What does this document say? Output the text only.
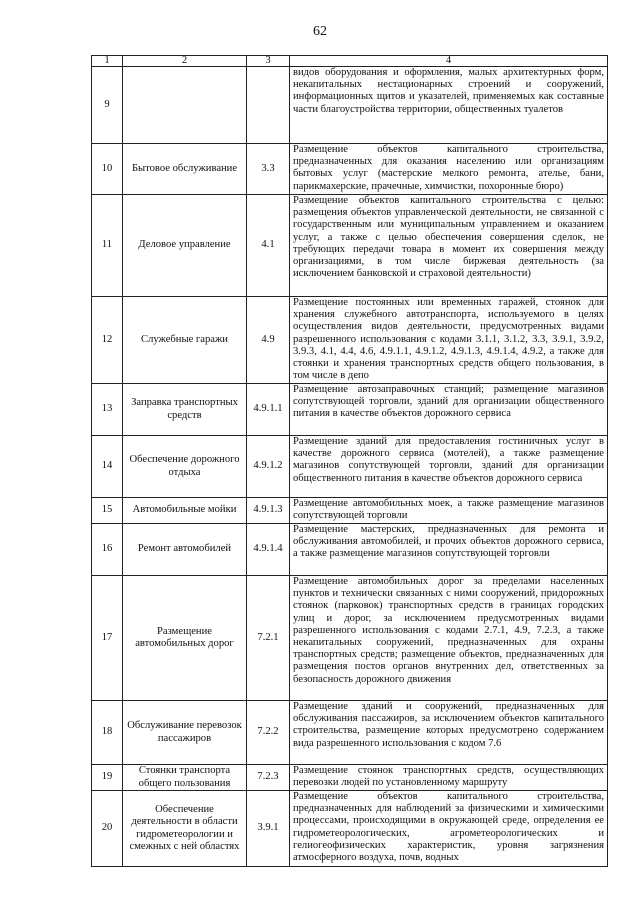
62
1	2	3	4
9			видов оборудования и оформления, малых архитектурных форм, некапитальных нестационарных строений и сооружений, информационных щитов и указателей, применяемых как составные части благоустройства территории, общественных туалетов
10	Бытовое обслуживание	3.3	Размещение объектов капитального строительства, предназначенных для оказания населению или организациям бытовых услуг (мастерские мелкого ремонта, ателье, бани, парикмахерские, прачечные, химчистки, похоронные бюро)
11	Деловое управление	4.1	Размещение объектов капитального строительства с целью: размещения объектов управленческой деятельности, не связанной с государственным или муниципальным управлением и оказанием услуг, а также с целью обеспечения совершения сделок, не требующих передачи товара в момент их совершения между организациями, в том числе биржевая деятельность (за исключением банковской и страховой деятельности)
12	Служебные гаражи	4.9	Размещение постоянных или временных гаражей, стоянок для хранения служебного автотранспорта, используемого в целях осуществления видов деятельности, предусмотренных видами разрешенного использования с кодами 3.1.1, 3.1.2, 3.3, 3.9.1, 3.9.2, 3.9.3, 4.1, 4.4, 4.6, 4.9.1.1, 4.9.1.2, 4.9.1.3, 4.9.1.4, 4.9.2, а также для стоянки и хранения транспортных средств общего пользования, в том числе в депо
13	Заправка транспортных средств	4.9.1.1	Размещение автозаправочных станций; размещение магазинов сопутствующей торговли, зданий для организации общественного питания в качестве объектов дорожного сервиса
14	Обеспечение дорожного отдыха	4.9.1.2	Размещение зданий для предоставления гостиничных услуг в качестве дорожного сервиса (мотелей), а также размещение магазинов сопутствующей торговли, зданий для организации общественного питания в качестве объектов дорожного сервиса
15	Автомобильные мойки	4.9.1.3	Размещение автомобильных моек, а также размещение магазинов сопутствующей торговли
16	Ремонт автомобилей	4.9.1.4	Размещение мастерских, предназначенных для ремонта и обслуживания автомобилей, и прочих объектов дорожного сервиса, а также размещение магазинов сопутствующей торговли
17	Размещение автомобильных дорог	7.2.1	Размещение автомобильных дорог за пределами населенных пунктов и технически связанных с ними сооружений, придорожных стоянок (парковок) транспортных средств в границах городских улиц и дорог, за исключением предусмотренных видами разрешенного использования с кодами 2.7.1, 4.9, 7.2.3, а также некапитальных сооружений, предназначенных для охраны транспортных средств; размещение объектов, предназначенных для размещения постов органов внутренних дел, ответственных за безопасность дорожного движения
18	Обслуживание перевозок пассажиров	7.2.2	Размещение зданий и сооружений, предназначенных для обслуживания пассажиров, за исключением объектов капитального строительства, размещение которых предусмотрено содержанием вида разрешенного использования с кодом 7.6
19	Стоянки транспорта общего пользования	7.2.3	Размещение стоянок транспортных средств, осуществляющих перевозки людей по установленному маршруту
20	Обеспечение деятельности в области гидрометеорологии и смежных с ней областях	3.9.1	Размещение объектов капитального строительства, предназначенных для наблюдений за физическими и химическими процессами, происходящими в окружающей среде, определения ее гидрометеорологических, агрометеорологических и гелиогеофизических характеристик, уровня загрязнения атмосферного воздуха, почв, водных
